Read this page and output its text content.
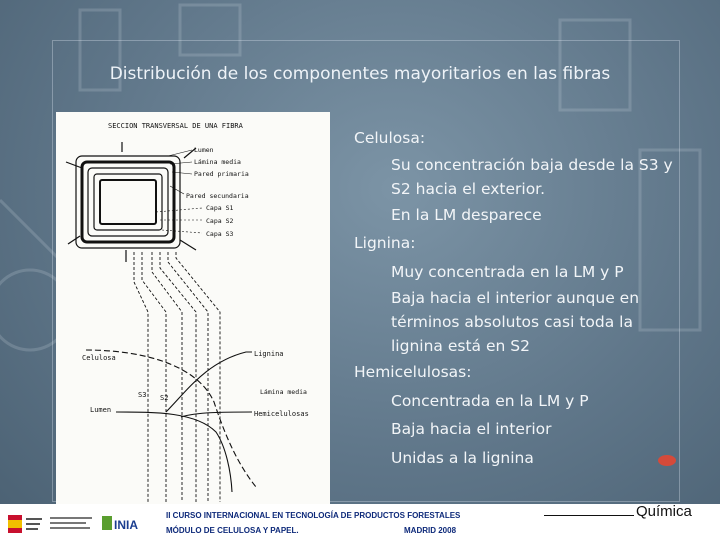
Distribución de los componentes mayoritarios en las fibras
SECCION TRANSVERSAL DE UNA FIBRA
Lumen
Lámina media
Pared primaria
Pared secundaria
Capa S1
Capa S2
Capa S3
Celulosa	Lignina
S3 S2
Lumen
Lámina media
Hemicelulosas

Celulosa:

Su concentración baja desde la S3 y
S2 hacia el exterior.

En la LM desparece

Lignina:

Muy concentrada en la LM y P

Baja hacia el interior aunque en
términos absolutos casi toda la
lignina está en S2

Hemicelulosas:

Concentrada en la LM y P

Baja hacia el interior

Unidas a la lignina

INIA
II CURSO INTERNACIONAL EN TECNOLOGÍA DE PRODUCTOS FORESTALES
MÓDULO DE CELULOSA Y PAPEL.	MADRID 2008
Química
